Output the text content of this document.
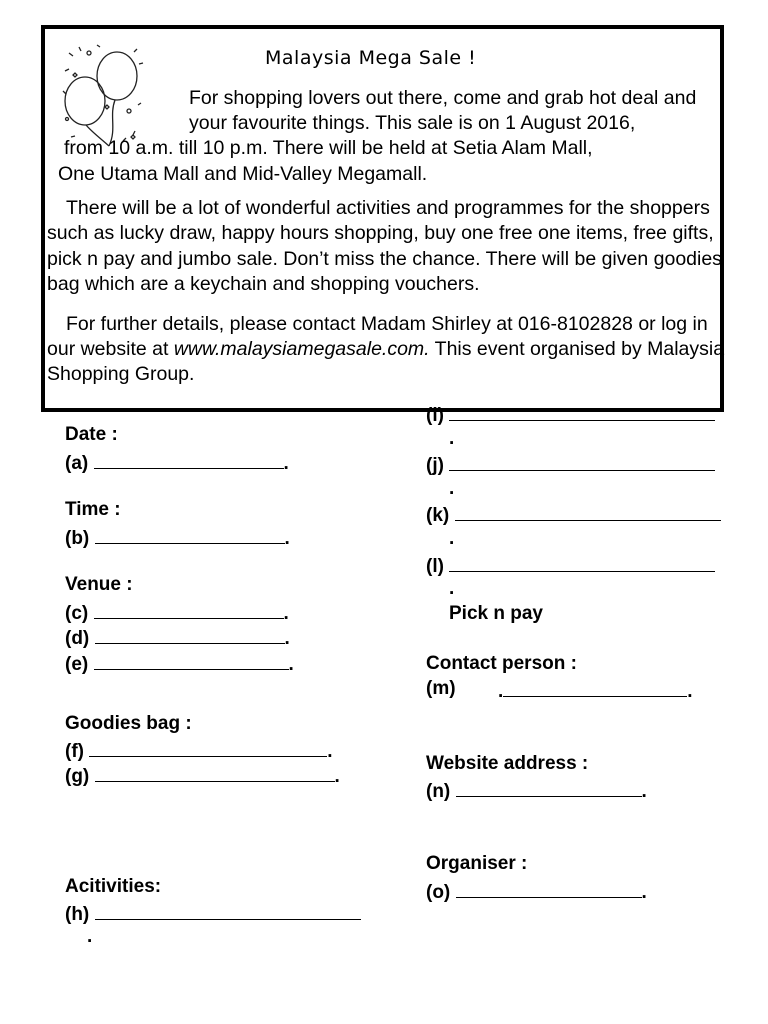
Malaysia Mega Sale !
For shopping lovers out there, come and grab hot deal and
your favourite things. This sale is on 1 August 2016,
from 10 a.m. till 10 p.m. There will be held at Setia Alam Mall,
One Utama Mall and Mid-Valley Megamall.
There will be a lot of wonderful activities and programmes for the shoppers
such as lucky draw, happy hours shopping, buy one free one items, free gifts,
pick n pay and jumbo sale. Don’t miss the chance. There will be given goodies
bag which are a keychain and shopping vouchers.
For further details, please contact Madam Shirley at 016-8102828 or log in
our website at www.malaysiamegasale.com. This event organised by Malaysia
Shopping Group.
Date :
(a)	.
Time :
(b)	.
Venue :
(c)	.
(d)	.
(e)	.
Goodies bag :
(f)	.
(g)	.
Acitivities:
(h)
.
(i)
.
(j)
.
(k)
.
(l)
.
Pick n pay
Contact person :
(m) .	.
Website address :
(n)	.
Organiser :
(o)	.
